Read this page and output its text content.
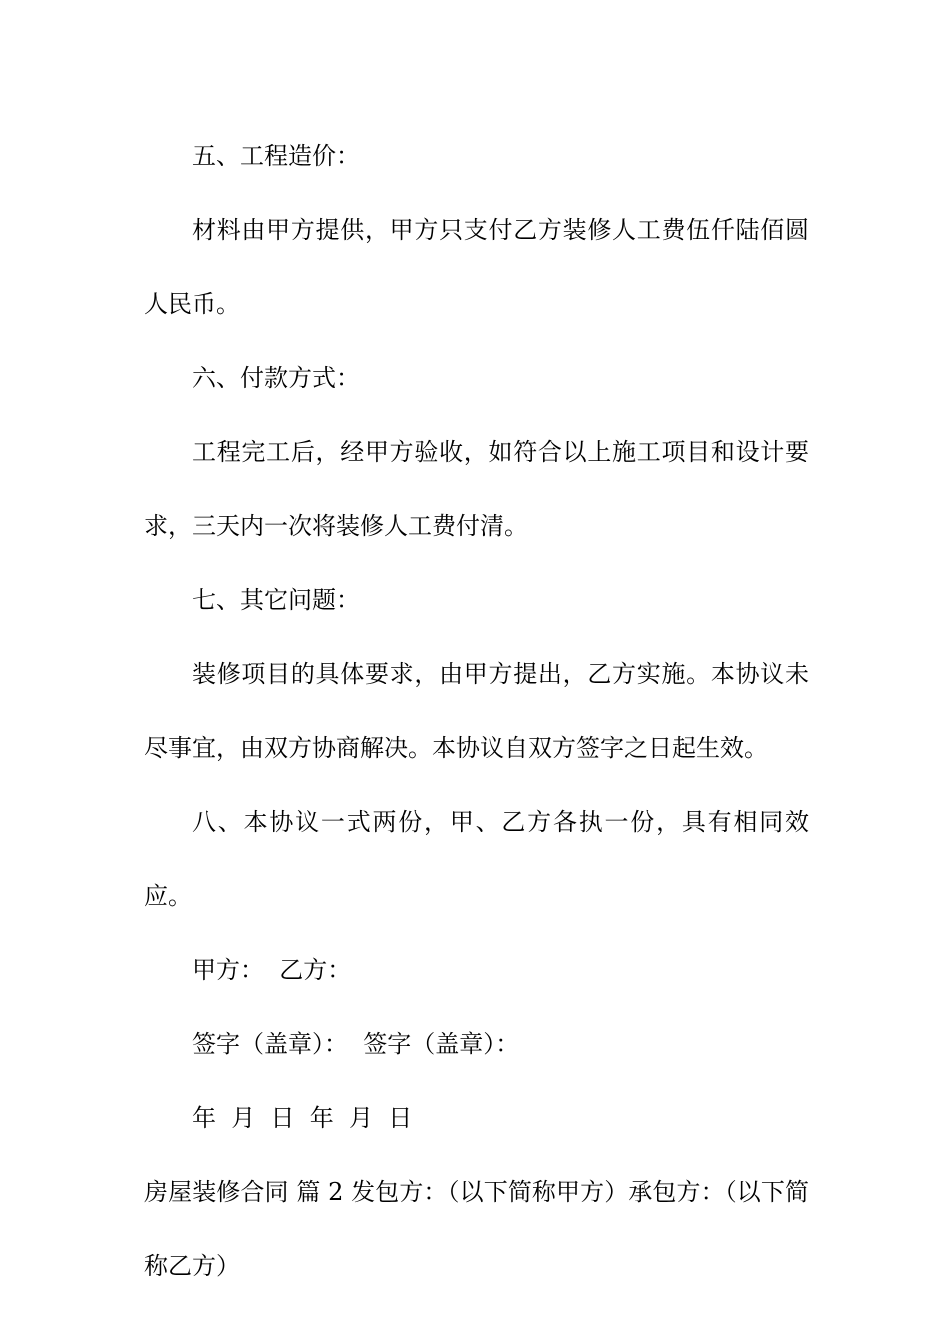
五、工程造价：

材料由甲方提供，甲方只支付乙方装修人工费伍仟陆佰圆人民币。

六、付款方式：

工程完工后，经甲方验收，如符合以上施工项目和设计要求，三天内一次将装修人工费付清。

七、其它问题：

装修项目的具体要求，由甲方提出，乙方实施。本协议未尽事宜，由双方协商解决。本协议自双方签字之日起生效。

八、本协议一式两份，甲、乙方各执一份，具有相同效应。

甲方：  乙方：

签字（盖章）：  签字（盖章）：

年  月  日  年  月  日

房屋装修合同 篇 2 发包方：（以下简称甲方）承包方：（以下简称乙方）
